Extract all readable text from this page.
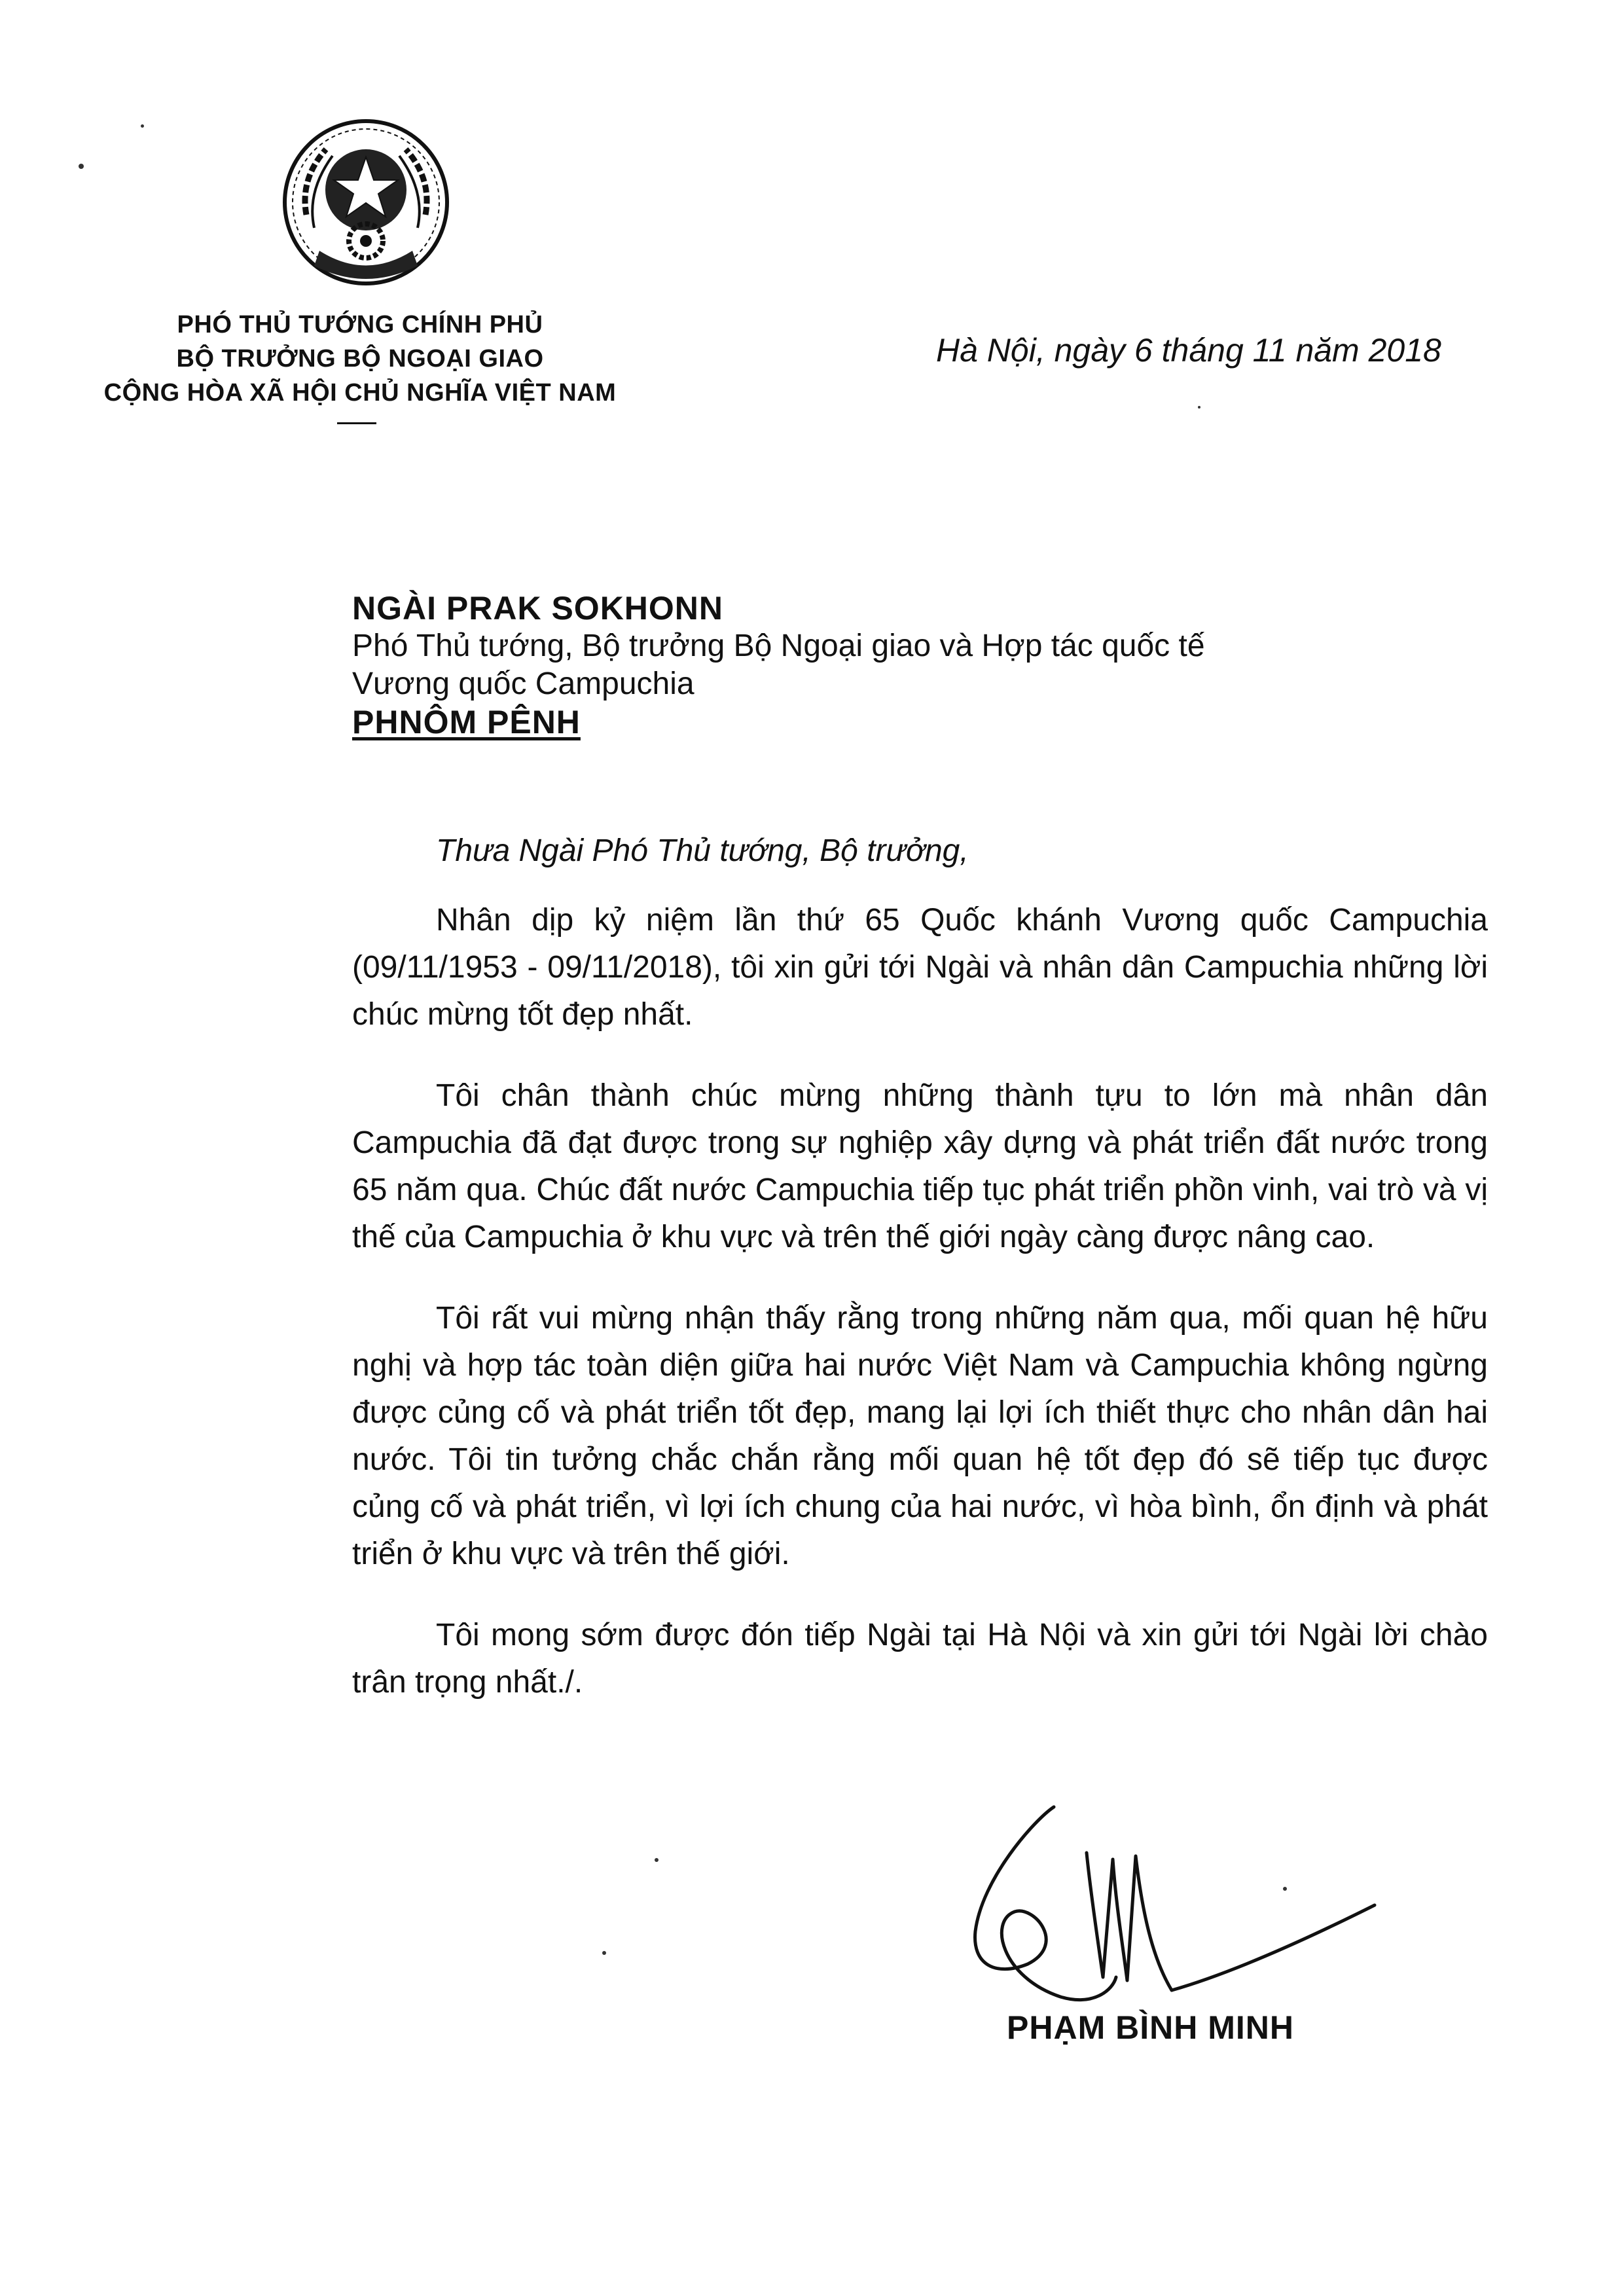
PHÓ THỦ TƯỚNG CHÍNH PHỦ
BỘ TRƯỞNG BỘ NGOẠI GIAO
CỘNG HÒA XÃ HỘI CHỦ NGHĨA VIỆT NAM
Hà Nội, ngày 6 tháng 11 năm 2018
NGÀI PRAK SOKHONN
Phó Thủ tướng, Bộ trưởng Bộ Ngoại giao và Hợp tác quốc tế
Vương quốc Campuchia
PHNÔM PÊNH
Thưa Ngài Phó Thủ tướng, Bộ trưởng,

Nhân dịp kỷ niệm lần thứ 65 Quốc khánh Vương quốc Campuchia (09/11/1953 - 09/11/2018), tôi xin gửi tới Ngài và nhân dân Campuchia những lời chúc mừng tốt đẹp nhất.

Tôi chân thành chúc mừng những thành tựu to lớn mà nhân dân Campuchia đã đạt được trong sự nghiệp xây dựng và phát triển đất nước trong 65 năm qua. Chúc đất nước Campuchia tiếp tục phát triển phồn vinh, vai trò và vị thế của Campuchia ở khu vực và trên thế giới ngày càng được nâng cao.

Tôi rất vui mừng nhận thấy rằng trong những năm qua, mối quan hệ hữu nghị và hợp tác toàn diện giữa hai nước Việt Nam và Campuchia không ngừng được củng cố và phát triển tốt đẹp, mang lại lợi ích thiết thực cho nhân dân hai nước. Tôi tin tưởng chắc chắn rằng mối quan hệ tốt đẹp đó sẽ tiếp tục được củng cố và phát triển, vì lợi ích chung của hai nước, vì hòa bình, ổn định và phát triển ở khu vực và trên thế giới.

Tôi mong sớm được đón tiếp Ngài tại Hà Nội và xin gửi tới Ngài lời chào trân trọng nhất./.

PHẠM BÌNH MINH
